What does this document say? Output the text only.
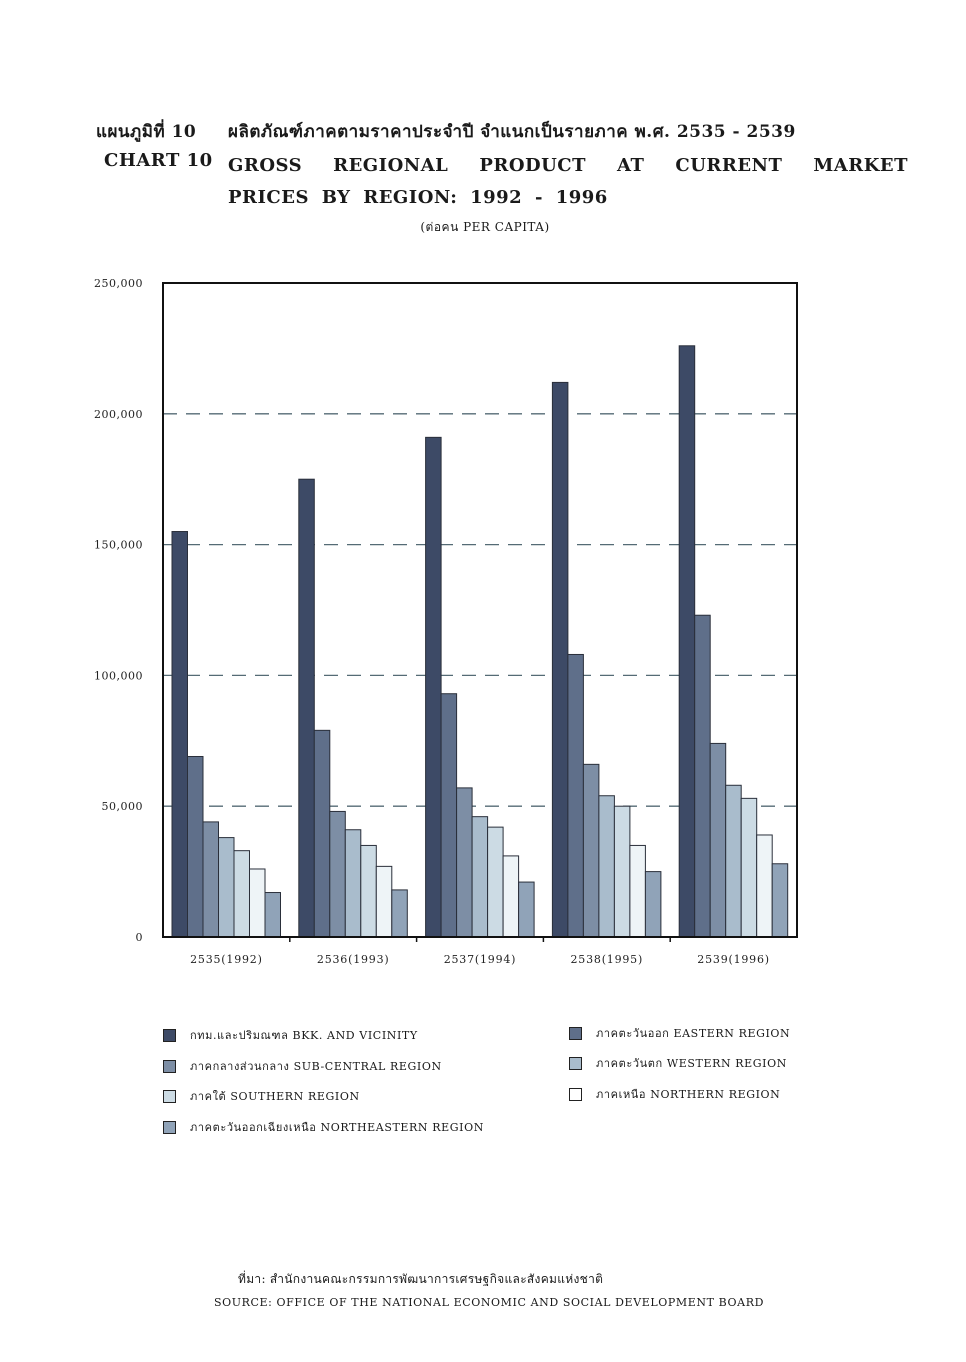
แผนภูมิที่ 10 ผลิตภัณฑ์ภาคตามราคาประจำปี จำแนกเป็นรายภาค พ.ศ. 2535 - 2539
CHART 10 GROSS REGIONAL PRODUCT AT CURRENT MARKET PRICES BY REGION: 1992 - 1996
(ต่อคน PER CAPITA)
0
50,000
100,000
150,000
200,000
250,000
2535(1992)	2536(1993)	2537(1994)	2538(1995)	2539(1996)
กทม.และปริมณฑล BKK. AND VICINITY
ภาคกลางส่วนกลาง SUB-CENTRAL REGION
ภาคใต้ SOUTHERN REGION
ภาคตะวันออกเฉียงเหนือ NORTHEASTERN REGION
ภาคตะวันออก EASTERN REGION
ภาคตะวันตก WESTERN REGION
ภาคเหนือ NORTHERN REGION
ที่มา: สำนักงานคณะกรรมการพัฒนาการเศรษฐกิจและสังคมแห่งชาติ
SOURCE: OFFICE OF THE NATIONAL ECONOMIC AND SOCIAL DEVELOPMENT BOARD
